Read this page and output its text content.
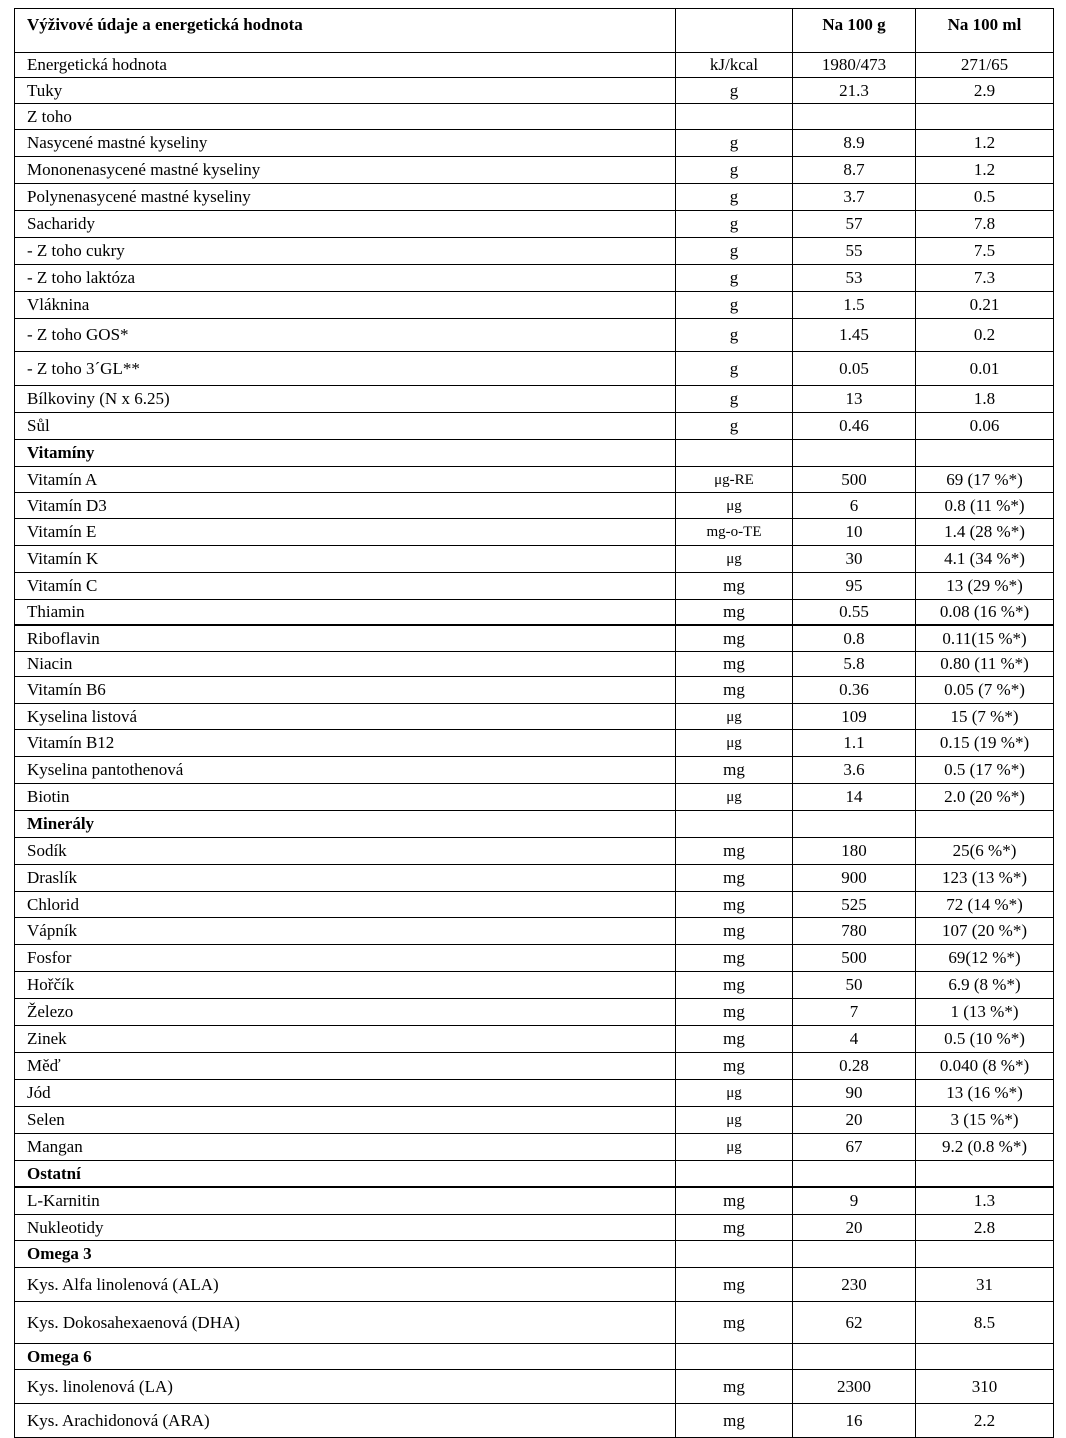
Výživové údaje a energetická hodnota		Na 100 g	Na 100 ml
Energetická hodnota	kJ/kcal	1980/473	271/65
Tuky	g	21.3	2.9
Z toho			
Nasycené mastné kyseliny	g	8.9	1.2
Mononenasycené mastné kyseliny	g	8.7	1.2
Polynenasycené mastné kyseliny	g	3.7	0.5
Sacharidy	g	57	7.8
- Z toho cukry	g	55	7.5
- Z toho laktóza	g	53	7.3
Vláknina	g	1.5	0.21
- Z toho GOS*	g	1.45	0.2
- Z toho 3´GL**	g	0.05	0.01
Bílkoviny (N x 6.25)	g	13	1.8
Sůl	g	0.46	0.06
Vitamíny			
Vitamín A	μg-RE	500	69 (17 %*)
Vitamín D3	μg	6	0.8 (11 %*)
Vitamín E	mg-o-TE	10	1.4 (28 %*)
Vitamín K	μg	30	4.1 (34 %*)
Vitamín C	mg	95	13 (29 %*)
Thiamin	mg	0.55	0.08 (16 %*)
Riboflavin	mg	0.8	0.11(15 %*)
Niacin	mg	5.8	0.80 (11 %*)
Vitamín B6	mg	0.36	0.05 (7 %*)
Kyselina listová	μg	109	15 (7 %*)
Vitamín B12	μg	1.1	0.15 (19 %*)
Kyselina pantothenová	mg	3.6	0.5 (17 %*)
Biotin	μg	14	2.0 (20 %*)
Minerály			
Sodík	mg	180	25(6 %*)
Draslík	mg	900	123 (13 %*)
Chlorid	mg	525	72 (14 %*)
Vápník	mg	780	107 (20 %*)
Fosfor	mg	500	69(12 %*)
Hořčík	mg	50	6.9 (8 %*)
Železo	mg	7	1 (13 %*)
Zinek	mg	4	0.5 (10 %*)
Měď	mg	0.28	0.040 (8 %*)
Jód	μg	90	13 (16 %*)
Selen	μg	20	3 (15 %*)
Mangan	μg	67	9.2 (0.8 %*)
Ostatní			
L-Karnitin	mg	9	1.3
Nukleotidy	mg	20	2.8
Omega 3			
Kys. Alfa linolenová (ALA)	mg	230	31
Kys. Dokosahexaenová (DHA)	mg	62	8.5
Omega 6			
Kys. linolenová (LA)	mg	2300	310
Kys. Arachidonová (ARA)	mg	16	2.2
